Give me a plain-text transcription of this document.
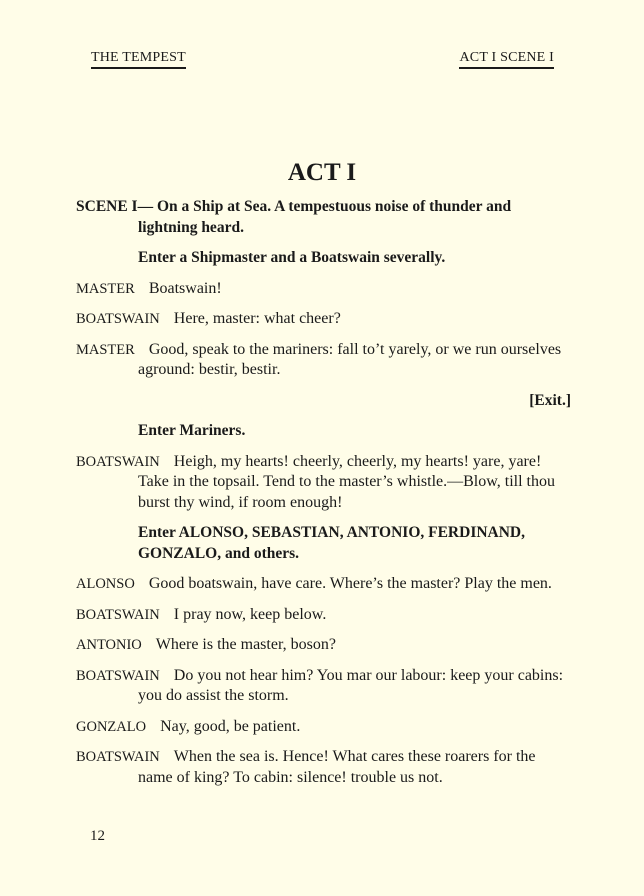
THE TEMPEST	ACT I SCENE I
ACT I

SCENE I— On a Ship at Sea. A tempestuous noise of thunder and lightning heard.

Enter a Shipmaster and a Boatswain severally.

MASTER Boatswain!

BOATSWAIN Here, master: what cheer?

MASTER Good, speak to the mariners: fall to’t yarely, or we run ourselves aground: bestir, bestir.

[Exit.]

Enter Mariners.

BOATSWAIN Heigh, my hearts! cheerly, cheerly, my hearts! yare, yare! Take in the topsail. Tend to the master’s whistle.—Blow, till thou burst thy wind, if room enough!

Enter ALONSO, SEBASTIAN, ANTONIO, FERDINAND, GONZALO, and others.

ALONSO Good boatswain, have care. Where’s the master? Play the men.

BOATSWAIN I pray now, keep below.

ANTONIO Where is the master, boson?

BOATSWAIN Do you not hear him? You mar our labour: keep your cabins: you do assist the storm.

GONZALO Nay, good, be patient.

BOATSWAIN When the sea is. Hence! What cares these roarers for the name of king? To cabin: silence! trouble us not.

12
